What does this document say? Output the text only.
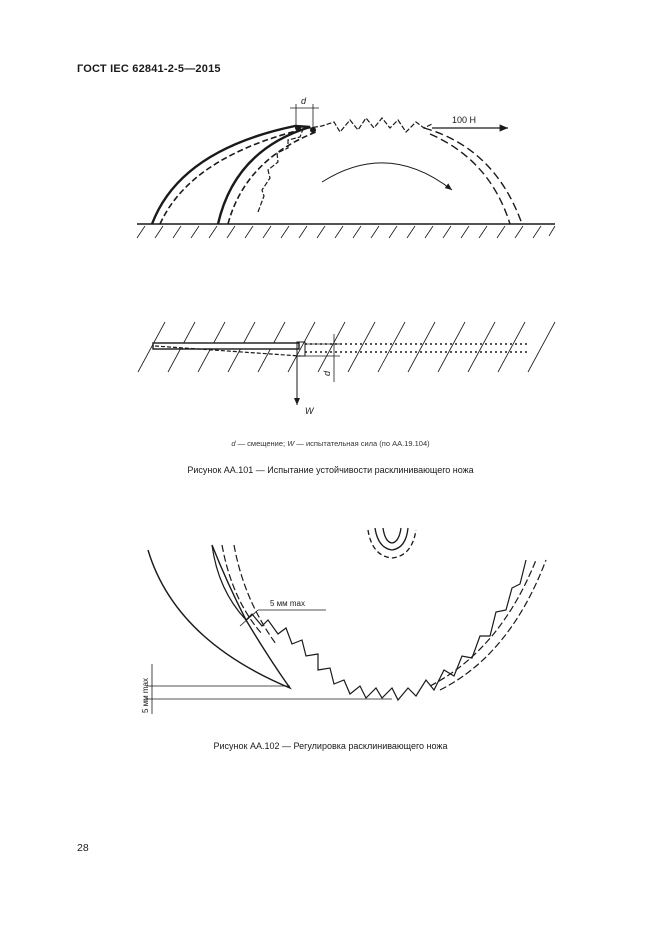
ГОСТ IEC 62841-2-5—2015
100 Н
d
W
d
d — смещение; W — испытательная сила (по АА.19.104)
Рисунок АА.101 — Испытание устойчивости расклинивающего ножа
5 мм max
5 мм max
Рисунок АА.102 — Регулировка расклинивающего ножа
28
